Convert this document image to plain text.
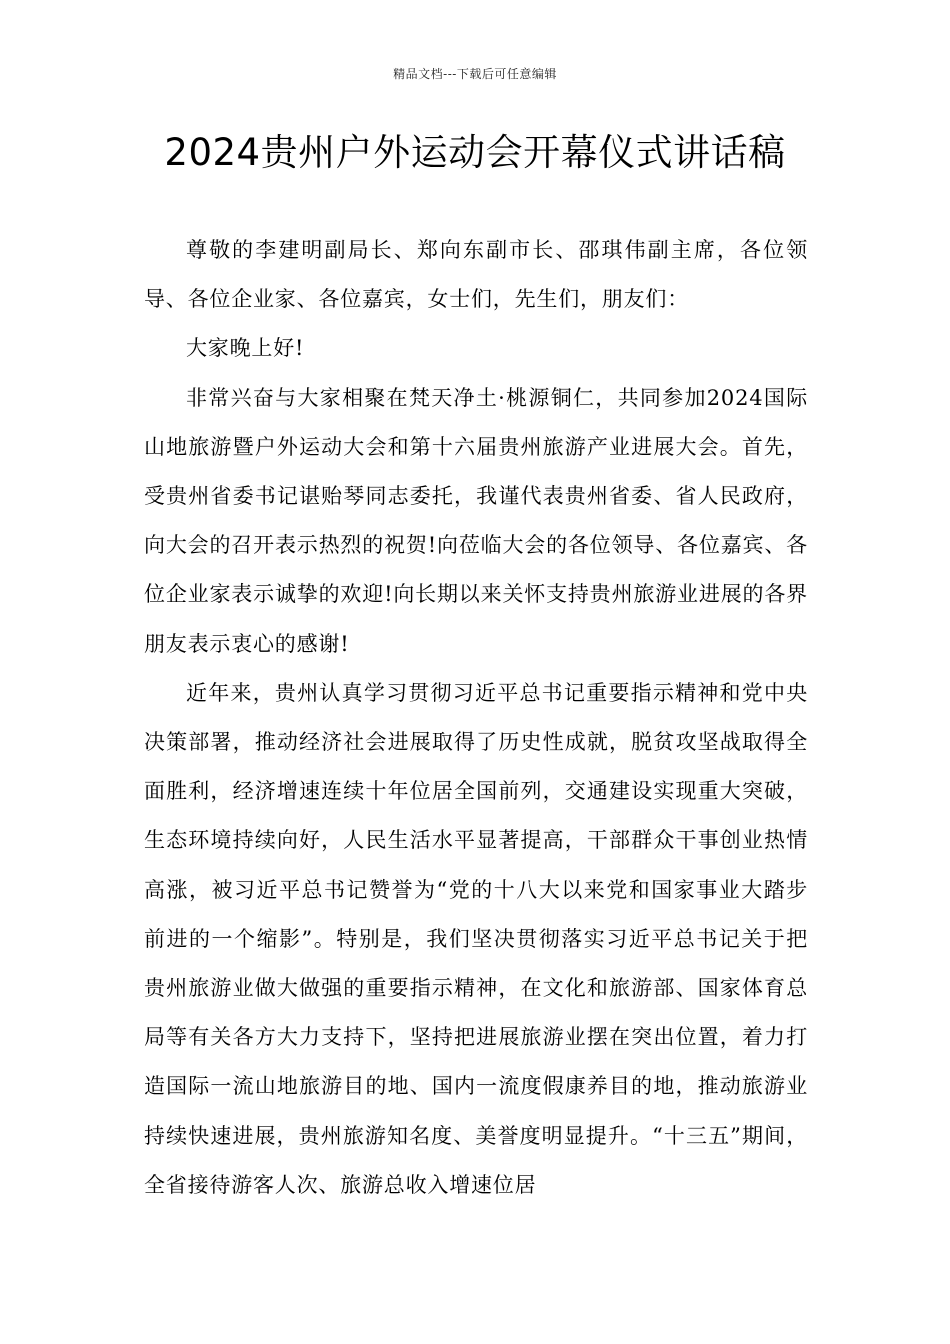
精品文档---下载后可任意编辑
2024贵州户外运动会开幕仪式讲话稿

尊敬的李建明副局长、郑向东副市长、邵琪伟副主席，各位领导、各位企业家、各位嘉宾，女士们，先生们，朋友们：

大家晚上好!

非常兴奋与大家相聚在梵天净土·桃源铜仁，共同参加2024国际山地旅游暨户外运动大会和第十六届贵州旅游产业进展大会。首先，受贵州省委书记谌贻琴同志委托，我谨代表贵州省委、省人民政府，向大会的召开表示热烈的祝贺!向莅临大会的各位领导、各位嘉宾、各位企业家表示诚挚的欢迎!向长期以来关怀支持贵州旅游业进展的各界朋友表示衷心的感谢!

近年来，贵州认真学习贯彻习近平总书记重要指示精神和党中央决策部署，推动经济社会进展取得了历史性成就，脱贫攻坚战取得全面胜利，经济增速连续十年位居全国前列，交通建设实现重大突破，生态环境持续向好，人民生活水平显著提高，干部群众干事创业热情高涨，被习近平总书记赞誉为“党的十八大以来党和国家事业大踏步前进的一个缩影”。特别是，我们坚决贯彻落实习近平总书记关于把贵州旅游业做大做强的重要指示精神，在文化和旅游部、国家体育总局等有关各方大力支持下，坚持把进展旅游业摆在突出位置，着力打造国际一流山地旅游目的地、国内一流度假康养目的地，推动旅游业持续快速进展，贵州旅游知名度、美誉度明显提升。“十三五”期间，全省接待游客人次、旅游总收入增速位居
